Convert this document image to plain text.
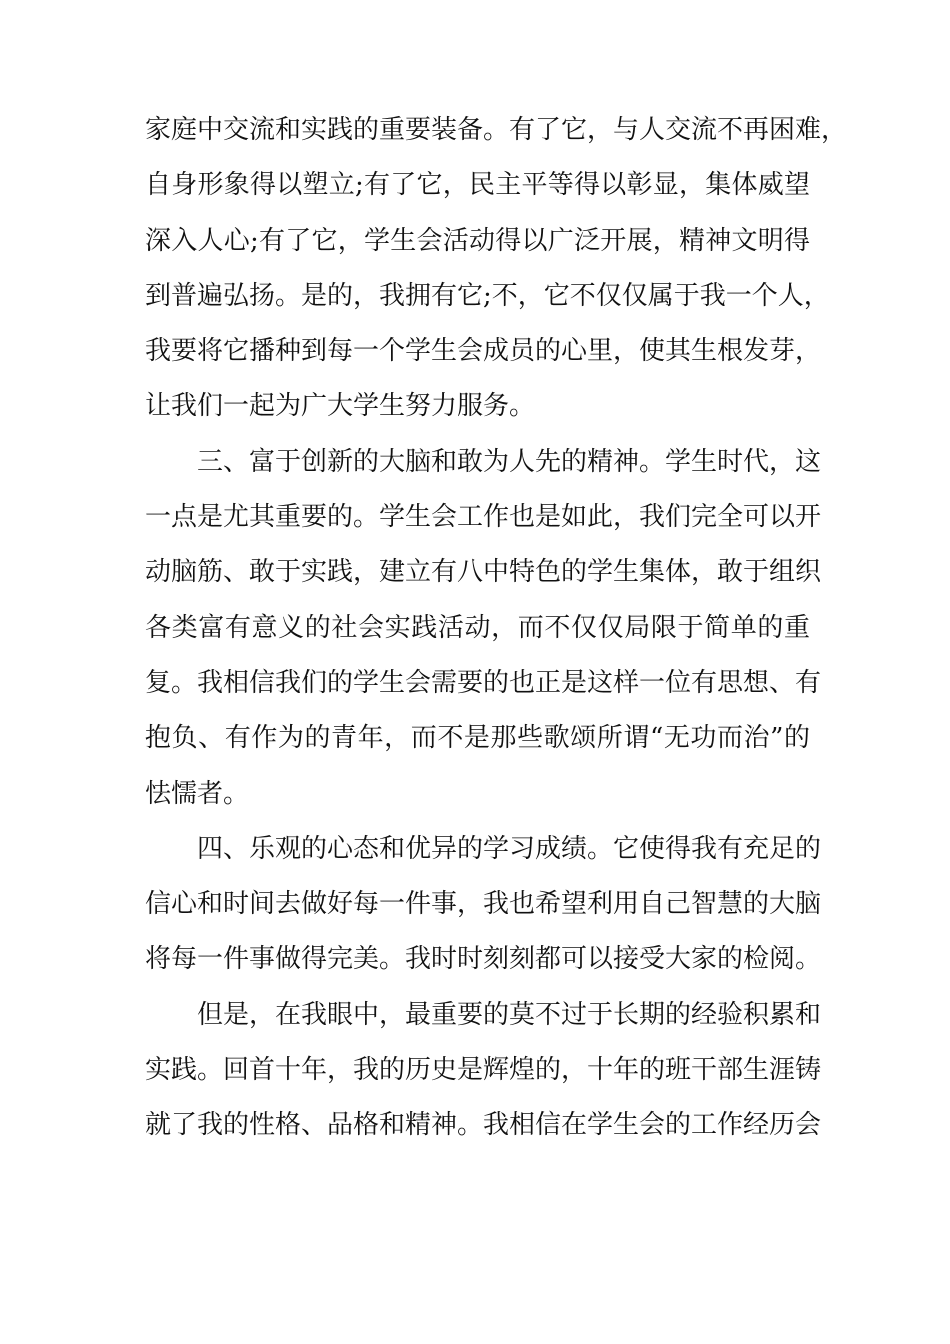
家庭中交流和实践的重要装备。有了它，与人交流不再困难，
自身形象得以塑立;有了它，民主平等得以彰显，集体威望
深入人心;有了它，学生会活动得以广泛开展，精神文明得
到普遍弘扬。是的，我拥有它;不，它不仅仅属于我一个人，
我要将它播种到每一个学生会成员的心里，使其生根发芽，
让我们一起为广大学生努力服务。
三、富于创新的大脑和敢为人先的精神。学生时代，这
一点是尤其重要的。学生会工作也是如此，我们完全可以开
动脑筋、敢于实践，建立有八中特色的学生集体，敢于组织
各类富有意义的社会实践活动，而不仅仅局限于简单的重
复。我相信我们的学生会需要的也正是这样一位有思想、有
抱负、有作为的青年，而不是那些歌颂所谓“无功而治”的
怯懦者。
四、乐观的心态和优异的学习成绩。它使得我有充足的
信心和时间去做好每一件事，我也希望利用自己智慧的大脑
将每一件事做得完美。我时时刻刻都可以接受大家的检阅。
但是，在我眼中，最重要的莫不过于长期的经验积累和
实践。回首十年，我的历史是辉煌的，十年的班干部生涯铸
就了我的性格、品格和精神。我相信在学生会的工作经历会
